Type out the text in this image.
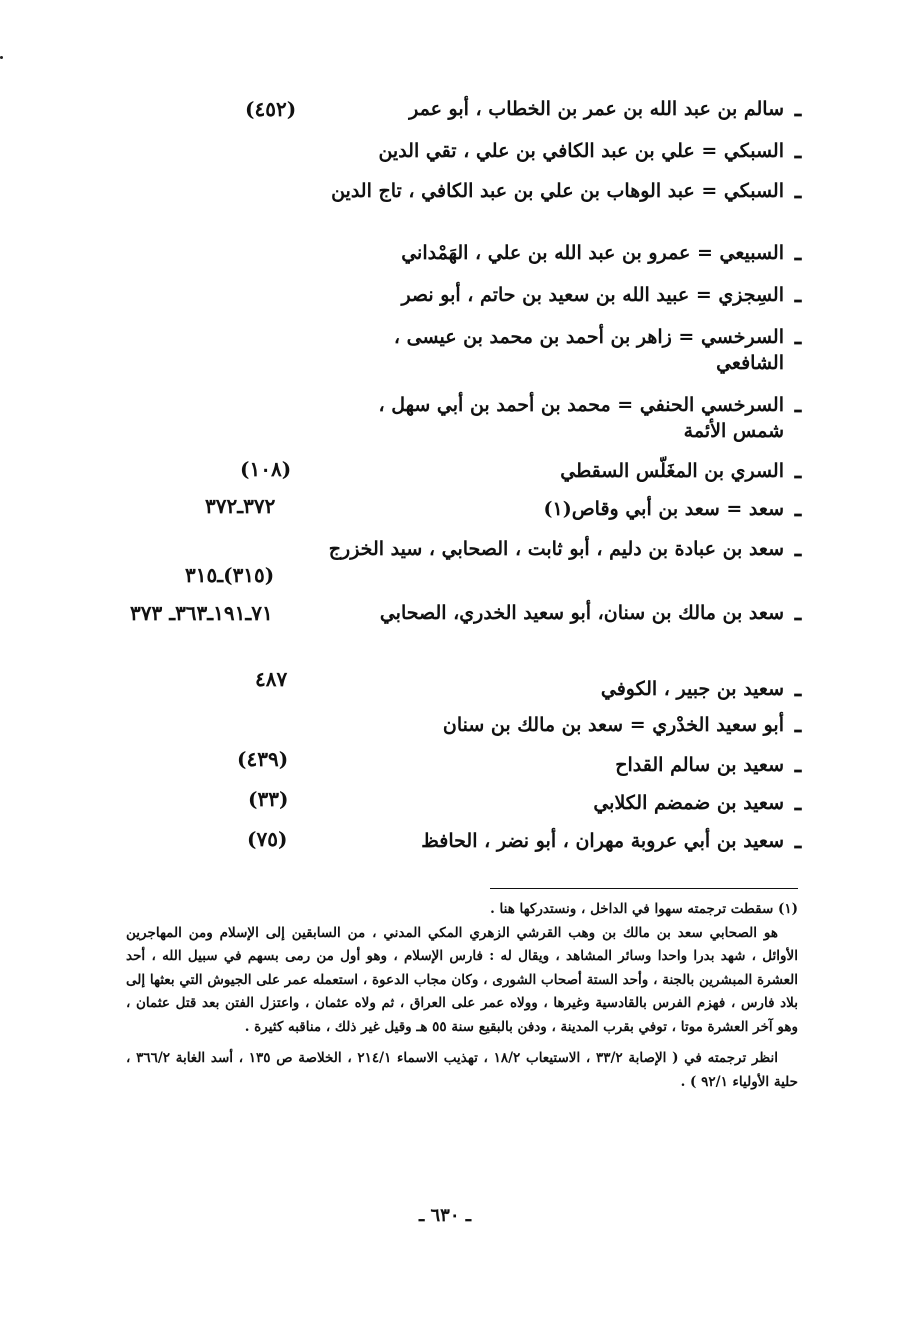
ـ
سالم بن عبد الله بن عمر بن الخطاب ، أبو عمر
(٤٥٢)
ـ
السبكي = علي بن عبد الكافي بن علي ، تقي الدين
ـ
السبكي = عبد الوهاب بن علي بن عبد الكافي ، تاج الدين
ـ
السبيعي = عمرو بن عبد الله بن علي ، الهَمْداني
ـ
السِجزي = عبيد الله بن سعيد بن حاتم ، أبو نصر
ـ
السرخسي = زاهر بن أحمد بن محمد بن عيسى ، الشافعي
ـ
السرخسي الحنفي = محمد بن أحمد بن أبي سهل ، شمس الأئمة
ـ
السري بن المغَلّس السقطي
(١٠٨)
ـ
سعد = سعد بن أبي وقاص(١)
٣٧٢ـ٣٧٢
ـ
سعد بن عبادة بن دليم ، أبو ثابت ، الصحابي ، سيد الخزرج
(٣١٥)ـ٣١٥
ـ
سعد بن مالك بن سنان، أبو سعيد الخدري، الصحابي
٧١ـ١٩١ـ٣٦٣ـ ٣٧٣
ـ
سعيد بن جبير ، الكوفي
٤٨٧
ـ
أبو سعيد الخدْري = سعد بن مالك بن سنان
ـ
سعيد بن سالم القداح
(٤٣٩)
ـ
سعيد بن ضمضم الكلابي
(٣٣)
ـ
سعيد بن أبي عروبة مهران ، أبو نضر ، الحافظ
(٧٥)

(١) سقطت ترجمته سهوا في الداخل ، ونستدركها هنا .

هو الصحابي سعد بن مالك بن وهب القرشي الزهري المكي المدني ، من السابقين إلى الإسلام ومن المهاجرين الأوائل ، شهد بدرا واحدا وسائر المشاهد ، ويقال له : فارس الإسلام ، وهو أول من رمى بسهم في سبيل الله ، أحد العشرة المبشرين بالجنة ، وأحد الستة أصحاب الشورى ، وكان مجاب الدعوة ، استعمله عمر على الجيوش التي بعثها إلى بلاد فارس ، فهزم الفرس بالقادسية وغيرها ، وولاه عمر على العراق ، ثم ولاه عثمان ، واعتزل الفتن بعد قتل عثمان ، وهو آخر العشرة موتا ، توفي بقرب المدينة ، ودفن بالبقيع سنة ٥٥ هـ وقيل غير ذلك ، مناقبه كثيرة .

انظر ترجمته في ( الإصابة ٣٣/٢ ، الاستيعاب ١٨/٢ ، تهذيب الاسماء ٢١٤/١ ، الخلاصة ص ١٣٥ ، أسد الغابة ٣٦٦/٢ ، حلية الأولياء ٩٢/١ ) .

ـ ٦٣٠ ـ
